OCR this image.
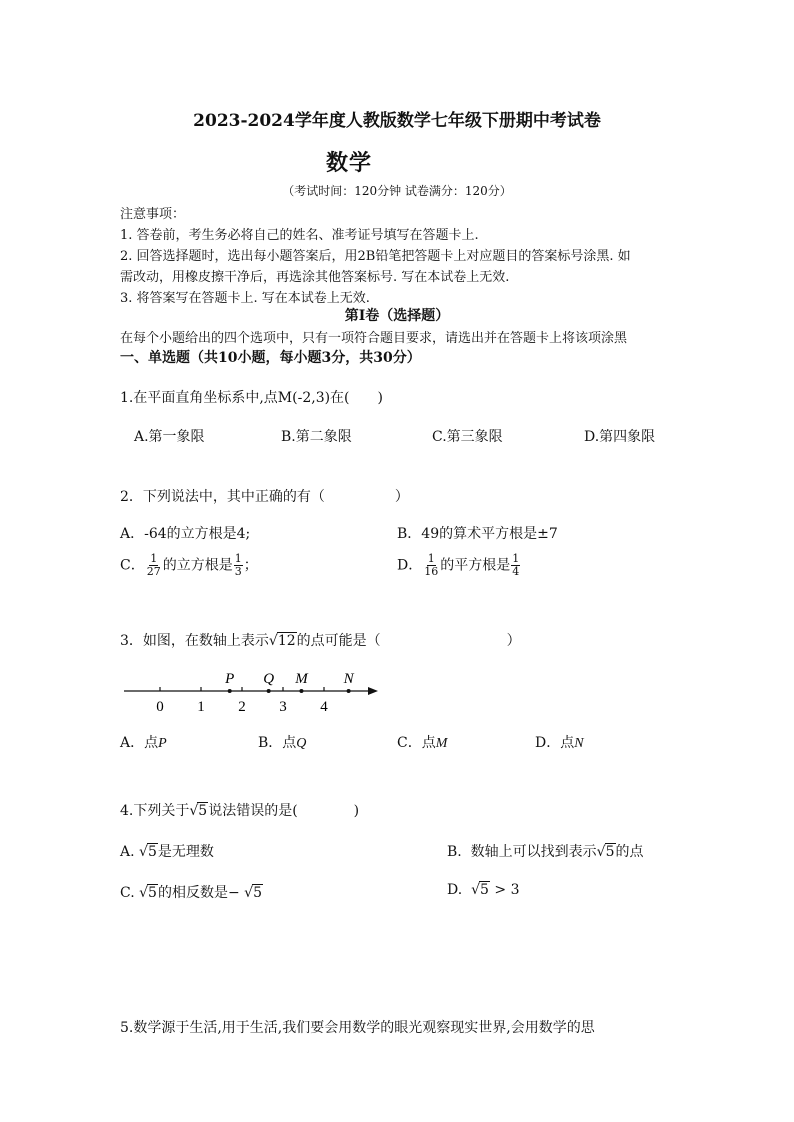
2023-2024学年度人教版数学七年级下册期中考试卷
数学
（考试时间：120分钟 试卷满分：120分）
注意事项：
1. 答卷前，考生务必将自己的姓名、准考证号填写在答题卡上.
2. 回答选择题时，选出每小题答案后，用2B铅笔把答题卡上对应题目的答案标号涂黑. 如
需改动，用橡皮擦干净后，再选涂其他答案标号. 写在本试卷上无效.
3. 将答案写在答题卡上. 写在本试卷上无效.
第Ⅰ卷（选择题）
在每个小题给出的四个选项中，只有一项符合题目要求，请选出并在答题卡上将该项涂黑
一、单选题（共10小题，每小题3分，共30分）
1.在平面直角坐标系中,点M(-2,3)在(　　)
A.第一象限	B.第二象限	C.第三象限	D.第四象限
2．下列说法中，其中正确的有（　　　　　）
A．-64的立方根是4;	B．49的算术平方根是±7
C． $\frac{1}{27}$ 的立方根是 $\frac{1}{3}$ ；	D． $\frac{1}{16}$ 的平方根是 $\frac{1}{4}$
3．如图，在数轴上表示√12的点可能是（　　　　　　　　　）
0 1 2 3 4
P Q M N
A．点P	B．点Q	C．点M	D．点N
4.下列关于√5说法错误的是(　　　　)
A. √5是无理数	B. 数轴上可以找到表示√5的点
C. √5的相反数是− √5	D. √5 > 3
5.数学源于生活,用于生活,我们要会用数学的眼光观察现实世界,会用数学的思
